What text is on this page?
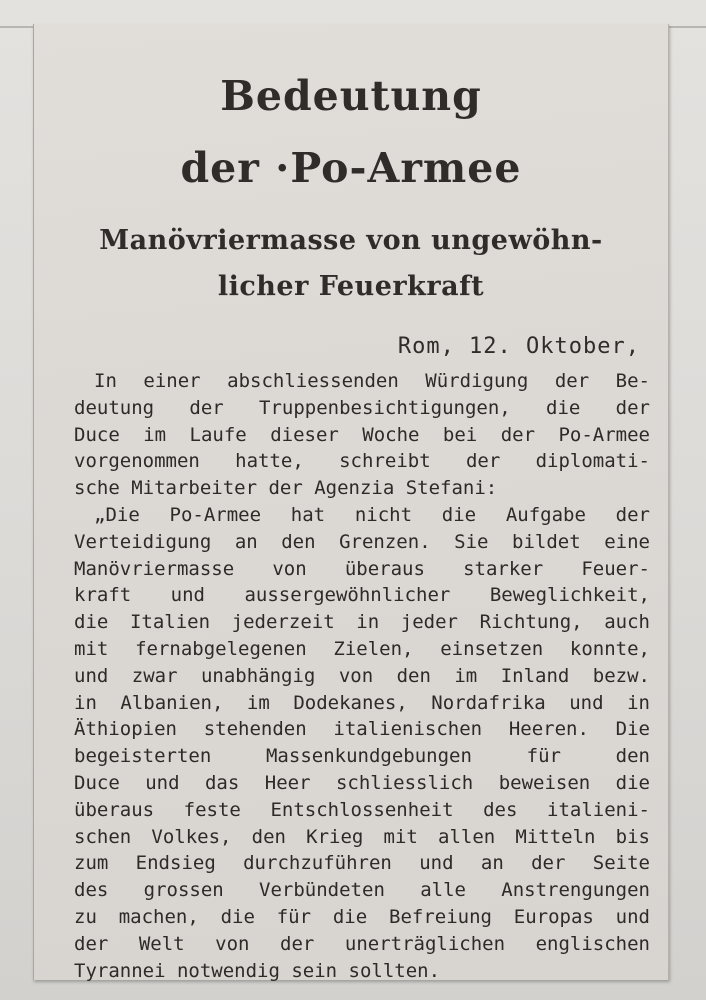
Bedeutung
der ·Po-Armee
Manövriermasse von ungewöhn-
licher Feuerkraft
Rom, 12. Oktober,
In einer abschliessenden Würdigung der Be-
deutung der Truppenbesichtigungen, die der
Duce im Laufe dieser Woche bei der Po-Armee
vorgenommen hatte, schreibt der diplomati-
sche Mitarbeiter der Agenzia Stefani:
„Die Po-Armee hat nicht die Aufgabe der
Verteidigung an den Grenzen. Sie bildet eine
Manövriermasse von überaus starker Feuer-
kraft und aussergewöhnlicher Beweglichkeit,
die Italien jederzeit in jeder Richtung, auch
mit fernabgelegenen Zielen, einsetzen konnte,
und zwar unabhängig von den im Inland bezw.
in Albanien, im Dodekanes, Nordafrika und in
Äthiopien stehenden italienischen Heeren. Die
begeisterten Massenkundgebungen für den
Duce und das Heer schliesslich beweisen die
überaus feste Entschlossenheit des italieni-
schen Volkes, den Krieg mit allen Mitteln bis
zum Endsieg durchzuführen und an der Seite
des grossen Verbündeten alle Anstrengungen
zu machen, die für die Befreiung Europas und
der Welt von der unerträglichen englischen
Tyrannei notwendig sein sollten.
